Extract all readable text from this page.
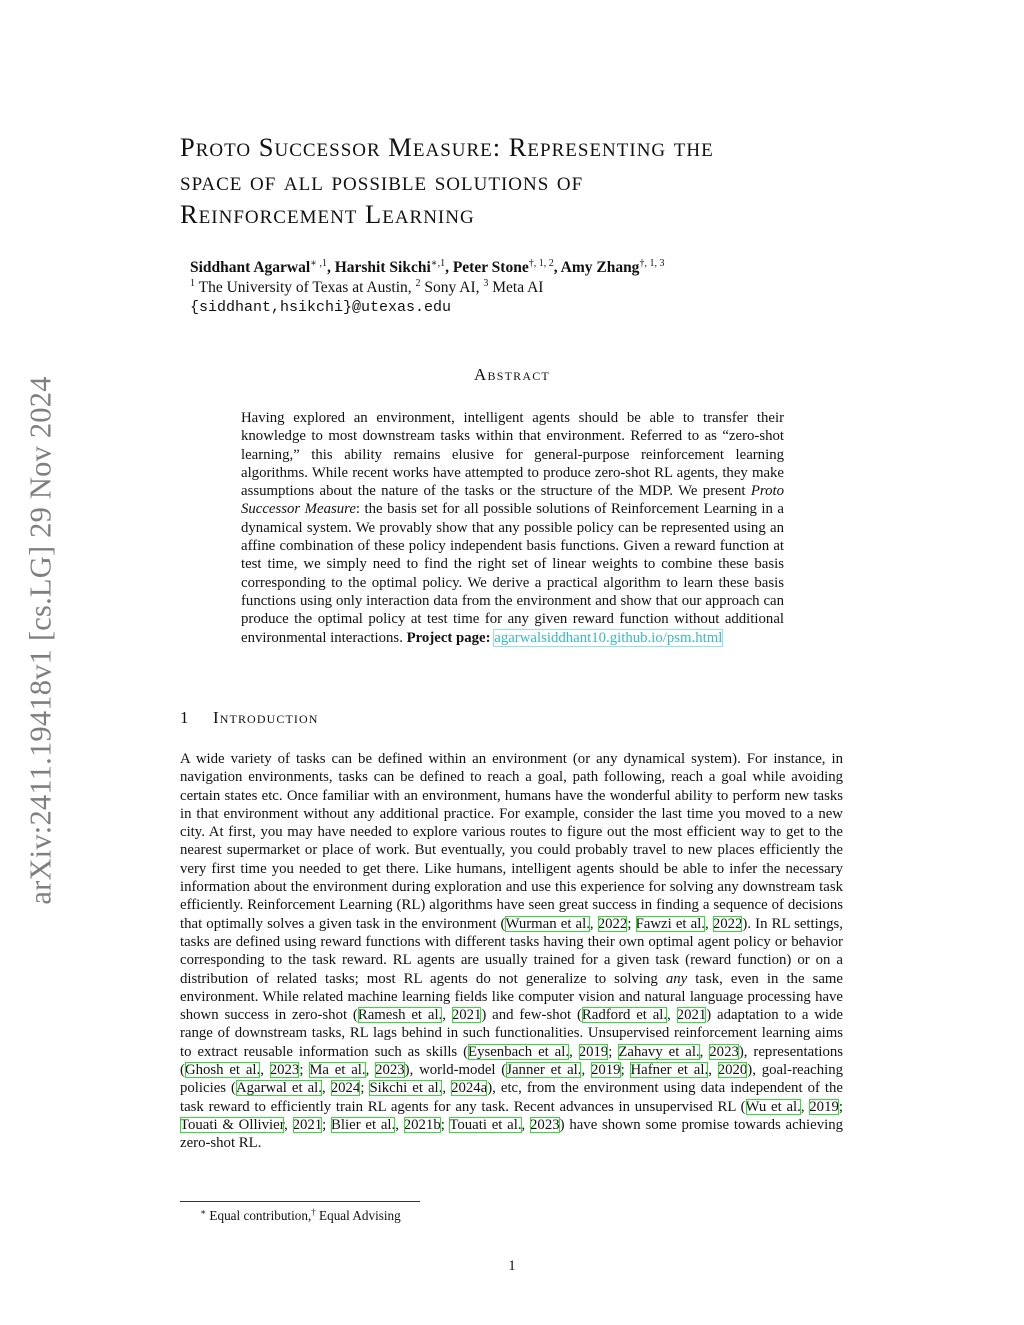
arXiv:2411.19418v1 [cs.LG] 29 Nov 2024
Proto Successor Measure: Representing the
space of all possible solutions of
Reinforcement Learning
Siddhant Agarwal$^{∗ ,1}$, Harshit Sikchi$^{∗,1}$, Peter Stone$^{\dagger, 1, 2}$, Amy Zhang$^{\dagger, 1, 3}$
$^1$ The University of Texas at Austin, $^2$ Sony AI, $^3$ Meta AI
{siddhant,hsikchi}@utexas.edu
Abstract

Having explored an environment, intelligent agents should be able to transfer their knowledge to most downstream tasks within that environment. Referred to as “zero-shot learning,” this ability remains elusive for general-purpose reinforcement learning algorithms. While recent works have attempted to produce zero-shot RL agents, they make assumptions about the nature of the tasks or the structure of the MDP. We present Proto Successor Measure: the basis set for all possible solutions of Reinforcement Learning in a dynamical system. We provably show that any possible policy can be represented using an affine combination of these policy independent basis functions. Given a reward function at test time, we simply need to find the right set of linear weights to combine these basis corresponding to the optimal policy. We derive a practical algorithm to learn these basis functions using only interaction data from the environment and show that our approach can produce the optimal policy at test time for any given reward function without additional environmental interactions. Project page: agarwalsiddhant10.github.io/psm.html

1 Introduction

A wide variety of tasks can be defined within an environment (or any dynamical system). For instance, in navigation environments, tasks can be defined to reach a goal, path following, reach a goal while avoiding certain states etc. Once familiar with an environment, humans have the wonderful ability to perform new tasks in that environment without any additional practice. For example, consider the last time you moved to a new city. At first, you may have needed to explore various routes to figure out the most efficient way to get to the nearest supermarket or place of work. But eventually, you could probably travel to new places efficiently the very first time you needed to get there. Like humans, intelligent agents should be able to infer the necessary information about the environment during exploration and use this experience for solving any downstream task efficiently. Reinforcement Learning (RL) algorithms have seen great success in finding a sequence of decisions that optimally solves a given task in the environment (Wurman et al., 2022; Fawzi et al., 2022). In RL settings, tasks are defined using reward functions with different tasks having their own optimal agent policy or behavior corresponding to the task reward. RL agents are usually trained for a given task (reward function) or on a distribution of related tasks; most RL agents do not generalize to solving any task, even in the same environment. While related machine learning fields like computer vision and natural language processing have shown success in zero-shot (Ramesh et al., 2021) and few-shot (Radford et al., 2021) adaptation to a wide range of downstream tasks, RL lags behind in such functionalities. Unsupervised reinforcement learning aims to extract reusable information such as skills (Eysenbach et al., 2019; Zahavy et al., 2023), representations (Ghosh et al., 2023; Ma et al., 2023), world-model (Janner et al., 2019; Hafner et al., 2020), goal-reaching policies (Agarwal et al., 2024; Sikchi et al., 2024a), etc, from the environment using data independent of the task reward to efficiently train RL agents for any task. Recent advances in unsupervised RL (Wu et al., 2019; Touati & Ollivier, 2021; Blier et al., 2021b; Touati et al., 2023) have shown some promise towards achieving zero-shot RL.

∗ Equal contribution,† Equal Advising
1
